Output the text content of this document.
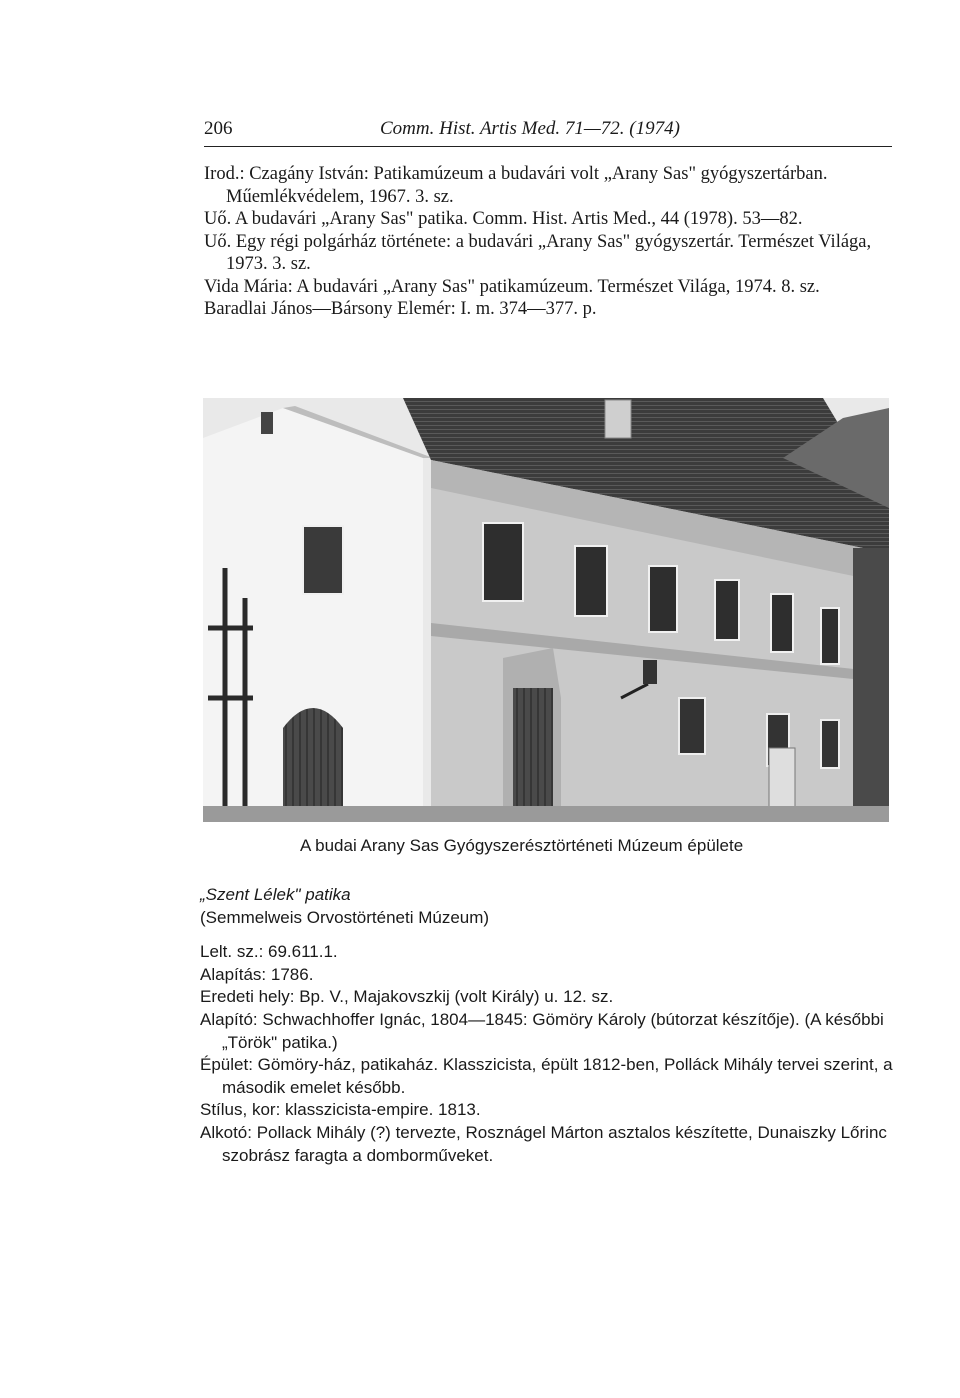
206	Comm. Hist. Artis Med. 71—72. (1974)

Irod.: Czagány István: Patikamúzeum a budavári volt „Arany Sas" gyógyszertárban. Műemlékvédelem, 1967. 3. sz.

Uő. A budavári „Arany Sas" patika. Comm. Hist. Artis Med., 44 (1978). 53—82.

Uő. Egy régi polgárház története: a budavári „Arany Sas" gyógyszertár. Természet Világa, 1973. 3. sz.

Vida Mária: A budavári „Arany Sas" patikamúzeum. Természet Világa, 1974. 8. sz.

Baradlai János—Bársony Elemér: I. m. 374—377. p.

A budai Arany Sas Gyógyszerésztörténeti Múzeum épülete

„Szent Lélek" patika

(Semmelweis Orvostörténeti Múzeum)

Lelt. sz.: 69.611.1.

Alapítás: 1786.

Eredeti hely: Bp. V., Majakovszkij (volt Király) u. 12. sz.

Alapító: Schwachhoffer Ignác, 1804—1845: Gömöry Károly (bútorzat készítője). (A későbbi „Török" patika.)

Épület: Gömöry-ház, patikaház. Klasszicista, épült 1812-ben, Polláck Mihály tervei szerint, a második emelet később.

Stílus, kor: klasszicista-empire. 1813.

Alkotó: Pollack Mihály (?) tervezte, Rosznágel Márton asztalos készítette, Dunaiszky Lőrinc szobrász faragta a domborműveket.
